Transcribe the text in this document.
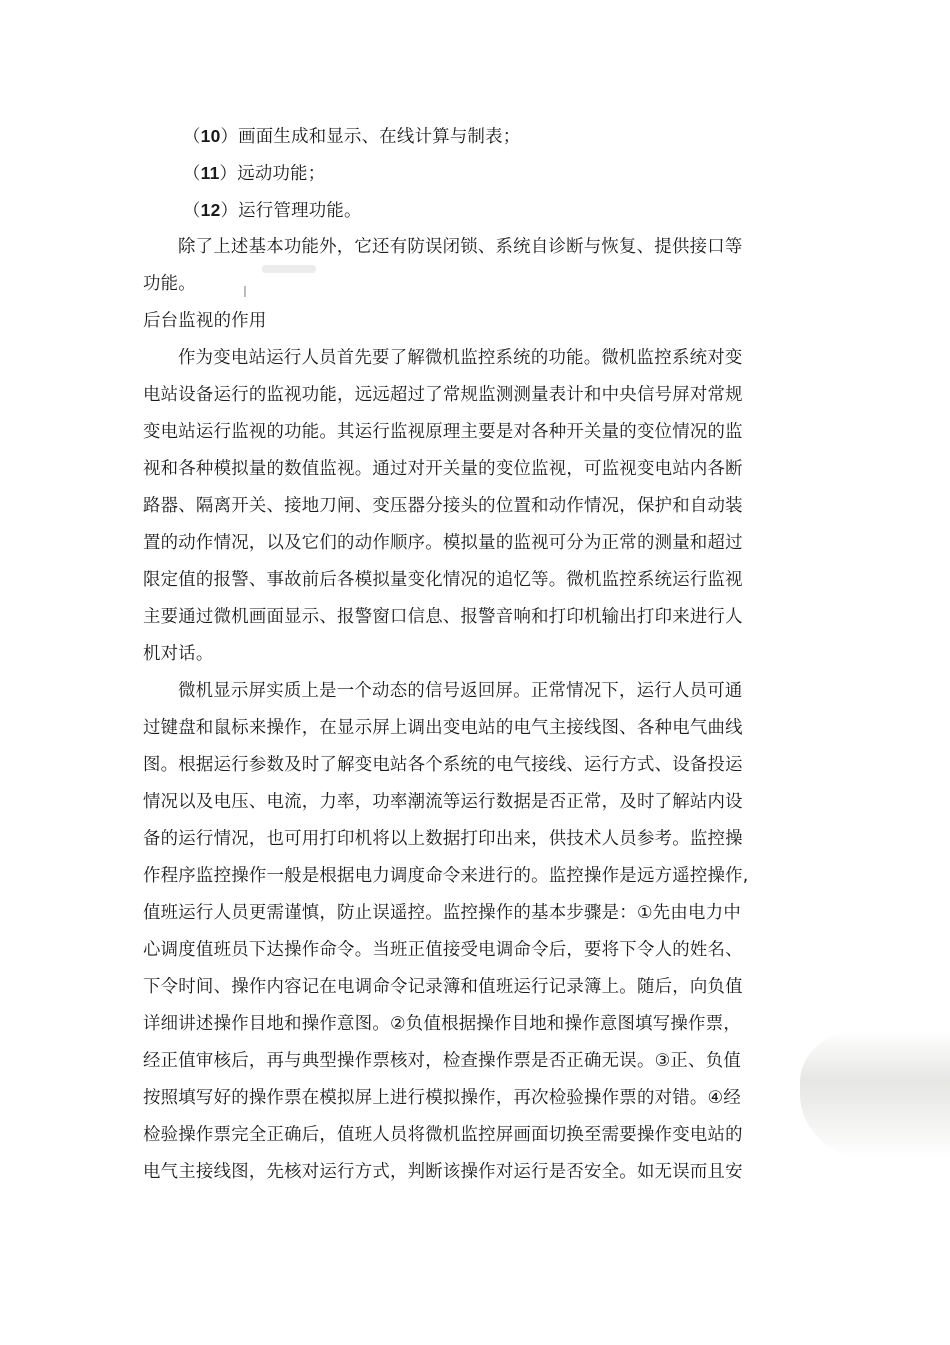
（10）画面生成和显示、在线计算与制表；
（11）远动功能；
（12）运行管理功能。
除了上述基本功能外，它还有防误闭锁、系统自诊断与恢复、提供接口等
功能。
后台监视的作用
作为变电站运行人员首先要了解微机监控系统的功能。微机监控系统对变
电站设备运行的监视功能，远远超过了常规监测测量表计和中央信号屏对常规
变电站运行监视的功能。其运行监视原理主要是对各种开关量的变位情况的监
视和各种模拟量的数值监视。通过对开关量的变位监视，可监视变电站内各断
路器、隔离开关、接地刀闸、变压器分接头的位置和动作情况，保护和自动装
置的动作情况，以及它们的动作顺序。模拟量的监视可分为正常的测量和超过
限定值的报警、事故前后各模拟量变化情况的追忆等。微机监控系统运行监视
主要通过微机画面显示、报警窗口信息、报警音响和打印机输出打印来进行人
机对话。
微机显示屏实质上是一个动态的信号返回屏。正常情况下，运行人员可通
过键盘和鼠标来操作，在显示屏上调出变电站的电气主接线图、各种电气曲线
图。根据运行参数及时了解变电站各个系统的电气接线、运行方式、设备投运
情况以及电压、电流，力率，功率潮流等运行数据是否正常，及时了解站内设
备的运行情况，也可用打印机将以上数据打印出来，供技术人员参考。监控操
作程序监控操作一般是根据电力调度命令来进行的。监控操作是远方遥控操作,
值班运行人员更需谨慎，防止误遥控。监控操作的基本步骤是：①先由电力中
心调度值班员下达操作命令。当班正值接受电调命令后，要将下令人的姓名、
下令时间、操作内容记在电调命令记录簿和值班运行记录簿上。随后，向负值
详细讲述操作目地和操作意图。②负值根据操作目地和操作意图填写操作票，
经正值审核后，再与典型操作票核对，检查操作票是否正确无误。③正、负值
按照填写好的操作票在模拟屏上进行模拟操作，再次检验操作票的对错。④经
检验操作票完全正确后，值班人员将微机监控屏画面切换至需要操作变电站的
电气主接线图，先核对运行方式，判断该操作对运行是否安全。如无误而且安
